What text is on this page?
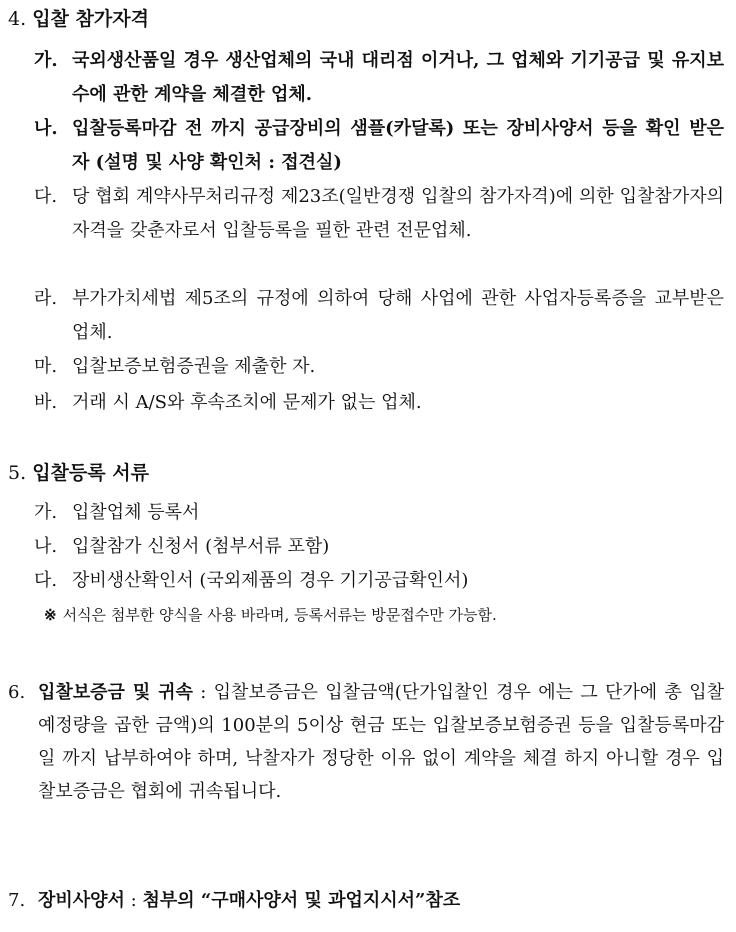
4. 입찰 참가자격
가. 국외생산품일 경우 생산업체의 국내 대리점 이거나, 그 업체와 기기공급 및 유지보수에 관한 계약을 체결한 업체.
나. 입찰등록마감 전 까지 공급장비의 샘플(카달록) 또는 장비사양서 등을 확인 받은 자 (설명 및 사양 확인처 : 접견실)
다. 당 협회 계약사무처리규정 제23조(일반경쟁 입찰의 참가자격)에 의한 입찰참가자의 자격을 갖춘자로서 입찰등록을 필한 관련 전문업체.
라. 부가가치세법 제5조의 규정에 의하여 당해 사업에 관한 사업자등록증을 교부받은 업체.
마. 입찰보증보험증권을 제출한 자.
바. 거래 시 A/S와 후속조치에 문제가 없는 업체.
5. 입찰등록 서류
가. 입찰업체 등록서
나. 입찰참가 신청서 (첨부서류 포함)
다. 장비생산확인서 (국외제품의 경우 기기공급확인서)
※ 서식은 첨부한 양식을 사용 바라며, 등록서류는 방문접수만 가능함.
6. 입찰보증금 및 귀속 : 입찰보증금은 입찰금액(단가입찰인 경우 에는 그 단가에 총 입찰 예정량을 곱한 금액)의 100분의 5이상 현금 또는 입찰보증보험증권 등을 입찰등록마감일 까지 납부하여야 하며, 낙찰자가 정당한 이유 없이 계약을 체결 하지 아니할 경우 입찰보증금은 협회에 귀속됩니다.
7. 장비사양서 : 첨부의 “구매사양서 및 과업지시서”참조
